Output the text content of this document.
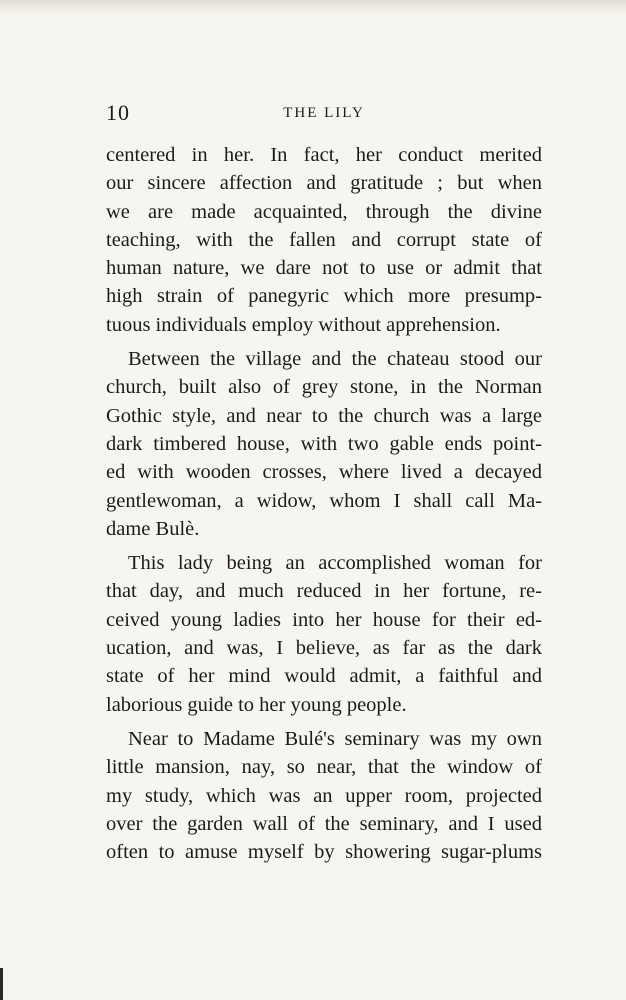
10	THE LILY

centered in her. In fact, her conduct merited
our sincere affection and gratitude ; but when
we are made acquainted, through the divine
teaching, with the fallen and corrupt state of
human nature, we dare not to use or admit that
high strain of panegyric which more presump-
tuous individuals employ without apprehension.

Between the village and the chateau stood our
church, built also of grey stone, in the Norman
Gothic style, and near to the church was a large
dark timbered house, with two gable ends point-
ed with wooden crosses, where lived a decayed
gentlewoman, a widow, whom I shall call Ma-
dame Bulè.

This lady being an accomplished woman for
that day, and much reduced in her fortune, re-
ceived young ladies into her house for their ed-
ucation, and was, I believe, as far as the dark
state of her mind would admit, a faithful and
laborious guide to her young people.

Near to Madame Bulé's seminary was my own
little mansion, nay, so near, that the window of
my study, which was an upper room, projected
over the garden wall of the seminary, and I used
often to amuse myself by showering sugar-plums
